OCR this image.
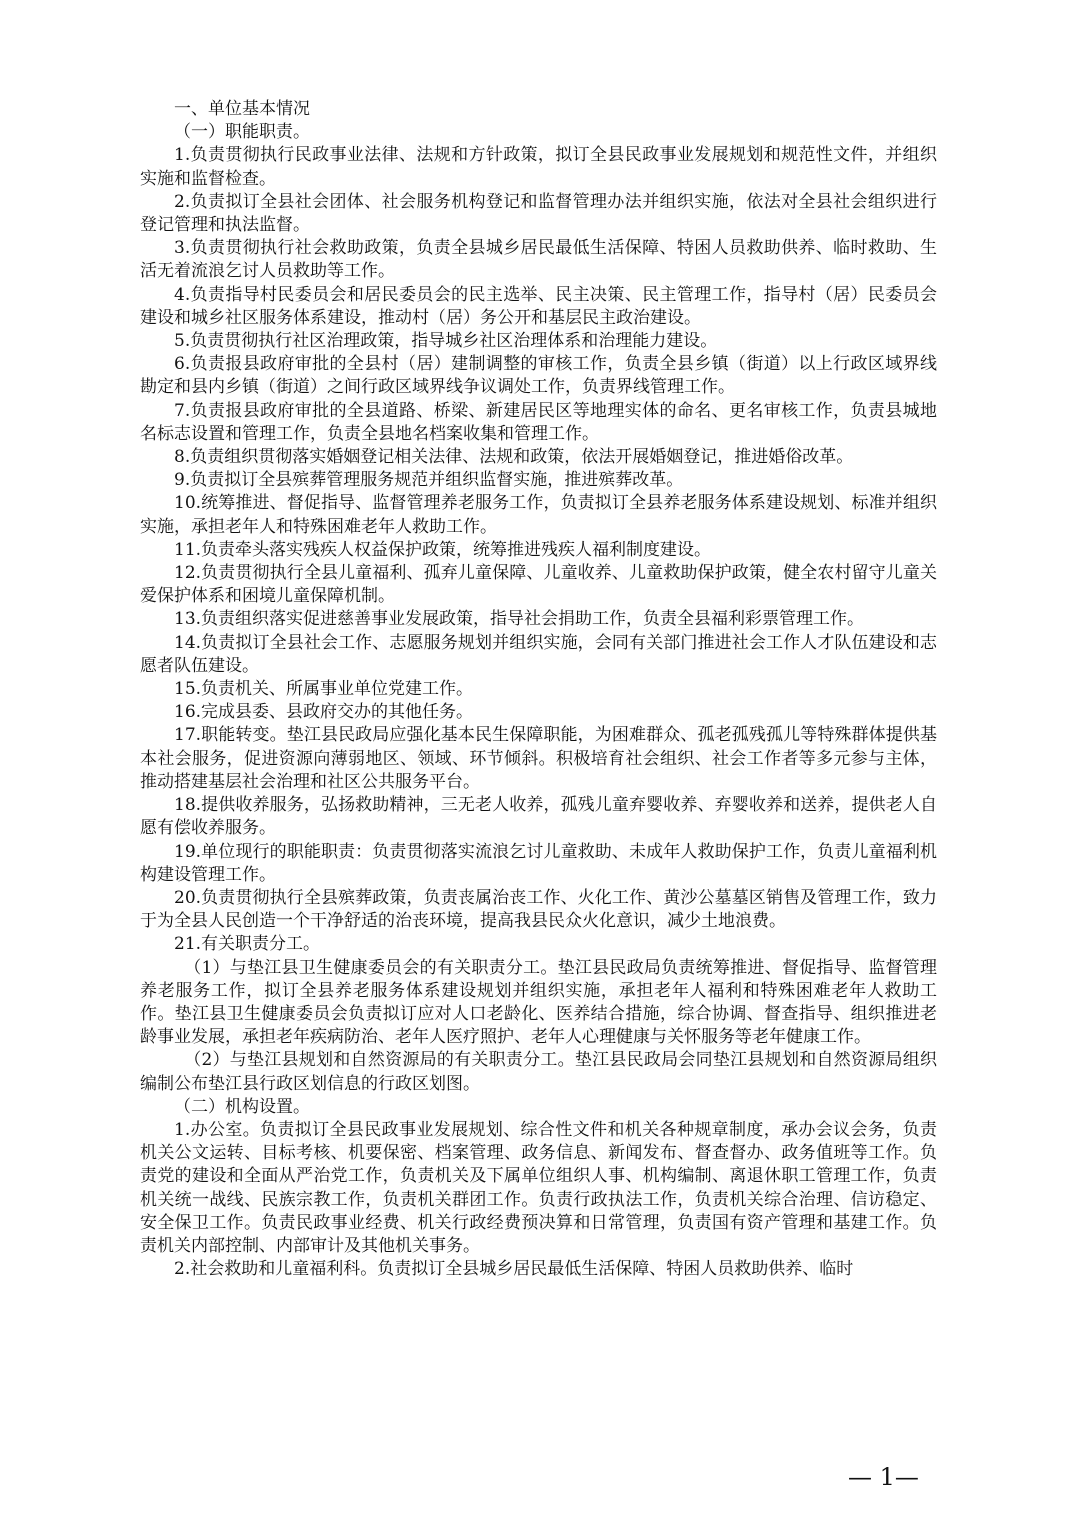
一、单位基本情况

（一）职能职责。

1.负责贯彻执行民政事业法律、法规和方针政策，拟订全县民政事业发展规划和规范性文件，并组织实施和监督检查。

2.负责拟订全县社会团体、社会服务机构登记和监督管理办法并组织实施，依法对全县社会组织进行登记管理和执法监督。

3.负责贯彻执行社会救助政策，负责全县城乡居民最低生活保障、特困人员救助供养、临时救助、生活无着流浪乞讨人员救助等工作。

4.负责指导村民委员会和居民委员会的民主选举、民主决策、民主管理工作，指导村（居）民委员会建设和城乡社区服务体系建设，推动村（居）务公开和基层民主政治建设。

5.负责贯彻执行社区治理政策，指导城乡社区治理体系和治理能力建设。

6.负责报县政府审批的全县村（居）建制调整的审核工作，负责全县乡镇（街道）以上行政区域界线勘定和县内乡镇（街道）之间行政区域界线争议调处工作，负责界线管理工作。

7.负责报县政府审批的全县道路、桥梁、新建居民区等地理实体的命名、更名审核工作，负责县城地名标志设置和管理工作，负责全县地名档案收集和管理工作。

8.负责组织贯彻落实婚姻登记相关法律、法规和政策，依法开展婚姻登记，推进婚俗改革。

9.负责拟订全县殡葬管理服务规范并组织监督实施，推进殡葬改革。

10.统筹推进、督促指导、监督管理养老服务工作，负责拟订全县养老服务体系建设规划、标准并组织实施，承担老年人和特殊困难老年人救助工作。

11.负责牵头落实残疾人权益保护政策，统筹推进残疾人福利制度建设。

12.负责贯彻执行全县儿童福利、孤弃儿童保障、儿童收养、儿童救助保护政策，健全农村留守儿童关爱保护体系和困境儿童保障机制。

13.负责组织落实促进慈善事业发展政策，指导社会捐助工作，负责全县福利彩票管理工作。

14.负责拟订全县社会工作、志愿服务规划并组织实施，会同有关部门推进社会工作人才队伍建设和志愿者队伍建设。

15.负责机关、所属事业单位党建工作。

16.完成县委、县政府交办的其他任务。

17.职能转变。垫江县民政局应强化基本民生保障职能，为困难群众、孤老孤残孤儿等特殊群体提供基本社会服务，促进资源向薄弱地区、领域、环节倾斜。积极培育社会组织、社会工作者等多元参与主体，推动搭建基层社会治理和社区公共服务平台。

18.提供收养服务，弘扬救助精神，三无老人收养，孤残儿童弃婴收养、弃婴收养和送养，提供老人自愿有偿收养服务。

19.单位现行的职能职责：负责贯彻落实流浪乞讨儿童救助、未成年人救助保护工作，负责儿童福利机构建设管理工作。

20.负责贯彻执行全县殡葬政策，负责丧属治丧工作、火化工作、黄沙公墓墓区销售及管理工作，致力于为全县人民创造一个干净舒适的治丧环境，提高我县民众火化意识，减少土地浪费。

21.有关职责分工。

（1）与垫江县卫生健康委员会的有关职责分工。垫江县民政局负责统筹推进、督促指导、监督管理养老服务工作，拟订全县养老服务体系建设规划并组织实施，承担老年人福利和特殊困难老年人救助工作。垫江县卫生健康委员会负责拟订应对人口老龄化、医养结合措施，综合协调、督查指导、组织推进老龄事业发展，承担老年疾病防治、老年人医疗照护、老年人心理健康与关怀服务等老年健康工作。

（2）与垫江县规划和自然资源局的有关职责分工。垫江县民政局会同垫江县规划和自然资源局组织编制公布垫江县行政区划信息的行政区划图。

（二）机构设置。

1.办公室。负责拟订全县民政事业发展规划、综合性文件和机关各种规章制度，承办会议会务，负责机关公文运转、目标考核、机要保密、档案管理、政务信息、新闻发布、督查督办、政务值班等工作。负责党的建设和全面从严治党工作，负责机关及下属单位组织人事、机构编制、离退休职工管理工作，负责机关统一战线、民族宗教工作，负责机关群团工作。负责行政执法工作，负责机关综合治理、信访稳定、安全保卫工作。负责民政事业经费、机关行政经费预决算和日常管理，负责国有资产管理和基建工作。负责机关内部控制、内部审计及其他机关事务。

2.社会救助和儿童福利科。负责拟订全县城乡居民最低生活保障、特困人员救助供养、临时

— 1—
